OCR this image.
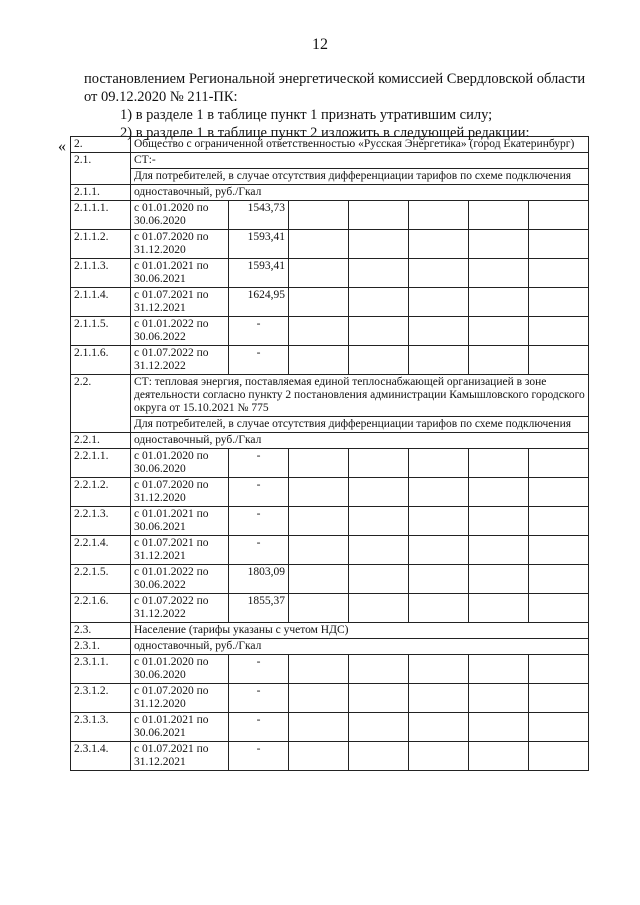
12
постановлением Региональной энергетической комиссией Свердловской области
от 09.12.2020 № 211-ПК:
1) в разделе 1 в таблице пункт 1 признать утратившим силу;
2) в разделе 1 в таблице пункт 2 изложить в следующей редакции:
« 2.	Общество с ограниченной ответственностью «Русская Энергетика» (город Екатеринбург)						
2.1.	СТ:-						
	Для потребителей, в случае отсутствия дифференциации тарифов по схеме подключения						
2.1.1.	одноставочный, руб./Гкал						
2.1.1.1.	с 01.01.2020 по 30.06.2020	1543,73					
2.1.1.2.	с 01.07.2020 по 31.12.2020	1593,41					
2.1.1.3.	с 01.01.2021 по 30.06.2021	1593,41					
2.1.1.4.	с 01.07.2021 по 31.12.2021	1624,95					
2.1.1.5.	с 01.01.2022 по 30.06.2022	-					
2.1.1.6.	с 01.07.2022 по 31.12.2022	-					
2.2.	СТ: тепловая энергия, поставляемая единой теплоснабжающей организацией в зоне деятельности согласно пункту 2 постановления администрации Камышловского городского округа от 15.10.2021 № 775						
	Для потребителей, в случае отсутствия дифференциации тарифов по схеме подключения						
2.2.1.	одноставочный, руб./Гкал						
2.2.1.1.	с 01.01.2020 по 30.06.2020	-					
2.2.1.2.	с 01.07.2020 по 31.12.2020	-					
2.2.1.3.	с 01.01.2021 по 30.06.2021	-					
2.2.1.4.	с 01.07.2021 по 31.12.2021	-					
2.2.1.5.	с 01.01.2022 по 30.06.2022	1803,09					
2.2.1.6.	с 01.07.2022 по 31.12.2022	1855,37					
2.3.	Население (тарифы указаны с учетом НДС)						
2.3.1.	одноставочный, руб./Гкал						
2.3.1.1.	с 01.01.2020 по 30.06.2020	-					
2.3.1.2.	с 01.07.2020 по 31.12.2020	-					
2.3.1.3.	с 01.01.2021 по 30.06.2021	-					
2.3.1.4.	с 01.07.2021 по 31.12.2021	-					
